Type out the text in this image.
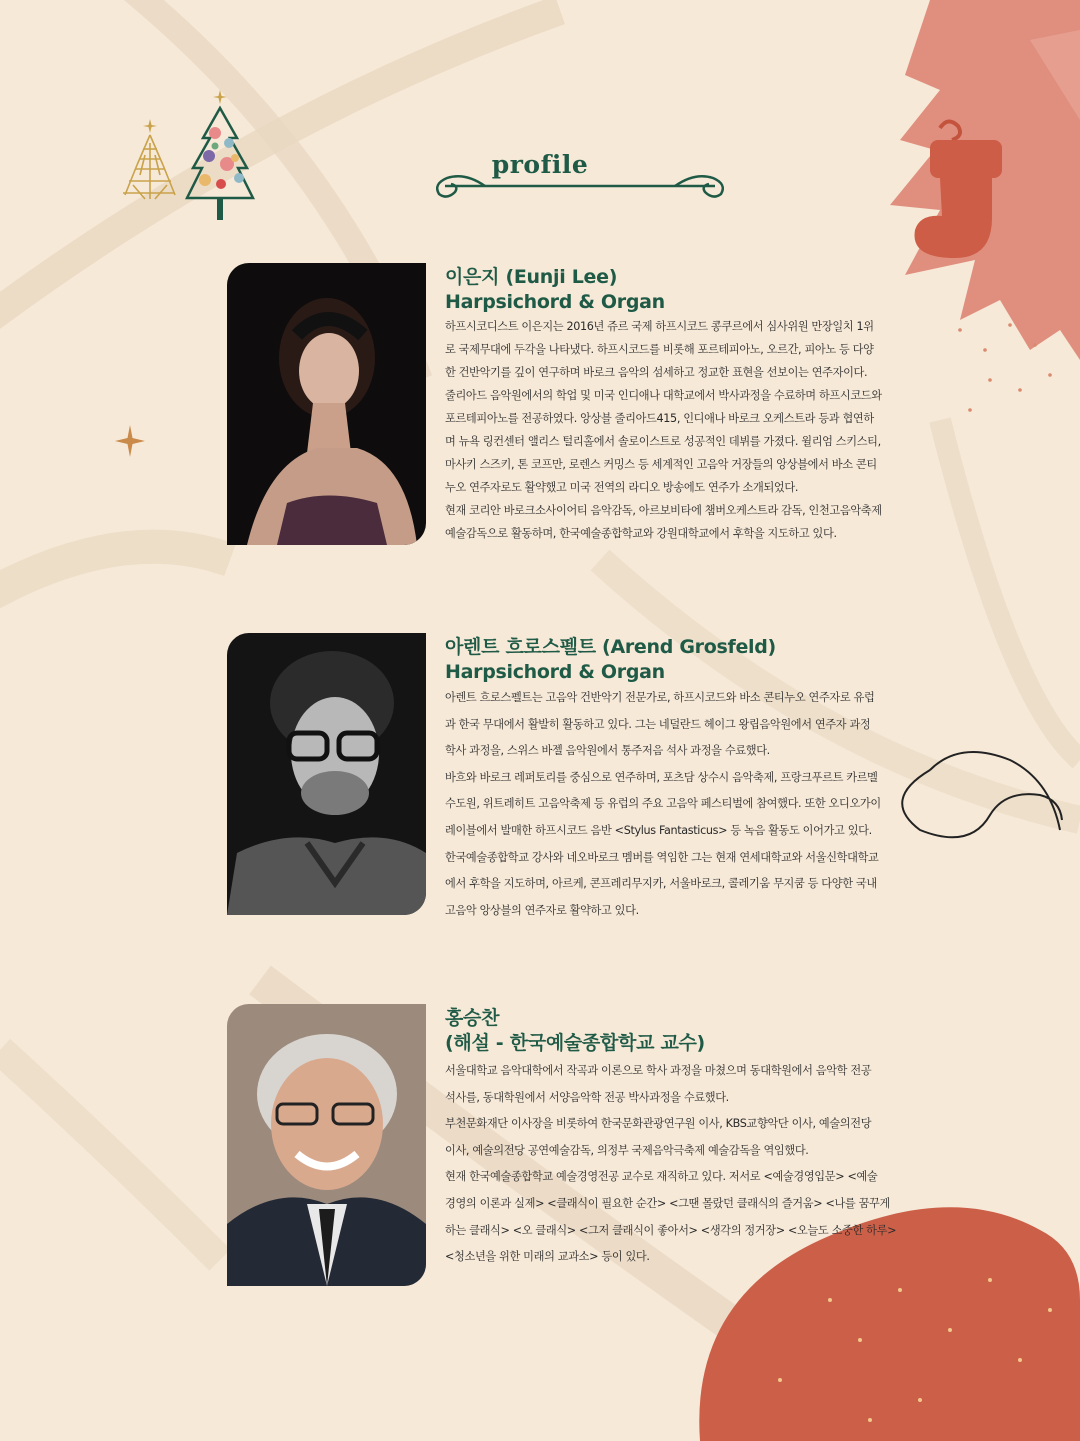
profile
이은지 (Eunji Lee)
Harpsichord & Organ

하프시코디스트 이은지는 2016년 쥬르 국제 하프시코드 콩쿠르에서 심사위원 만장일치 1위

로 국제무대에 두각을 나타냈다. 하프시코드를 비롯해 포르테피아노, 오르간, 피아노 등 다양

한 건반악기를 깊이 연구하며 바로크 음악의 섬세하고 정교한 표현을 선보이는 연주자이다.

줄리아드 음악원에서의 학업 및 미국 인디애나 대학교에서 박사과정을 수료하며 하프시코드와

포르테피아노를 전공하였다. 앙상블 줄리아드415, 인디애나 바로크 오케스트라 등과 협연하

며 뉴욕 링컨센터 앨리스 털리홀에서 솔로이스트로 성공적인 데뷔를 가졌다. 윌리엄 스키스티,

마사키 스즈키, 톤 코프만, 로렌스 커밍스 등 세계적인 고음악 거장들의 앙상블에서 바소 콘티

누오 연주자로도 활약했고 미국 전역의 라디오 방송에도 연주가 소개되었다.

현재 코리안 바로크소사이어티 음악감독, 아르보비타에 챔버오케스트라 감독, 인천고음악축제

예술감독으로 활동하며, 한국예술종합학교와 강원대학교에서 후학을 지도하고 있다.

아렌트 흐로스펠트 (Arend Grosfeld)
Harpsichord & Organ

아렌트 흐로스펠트는 고음악 건반악기 전문가로, 하프시코드와 바소 콘티누오 연주자로 유럽

과 한국 무대에서 활발히 활동하고 있다. 그는 네덜란드 헤이그 왕립음악원에서 연주자 과정

학사 과정을, 스위스 바젤 음악원에서 통주저음 석사 과정을 수료했다.

바흐와 바로크 레퍼토리를 중심으로 연주하며, 포츠담 상수시 음악축제, 프랑크푸르트 카르멜

수도원, 위트레히트 고음악축제 등 유럽의 주요 고음악 페스티벌에 참여했다. 또한 오디오가이

레이블에서 발매한 하프시코드 음반 <Stylus Fantasticus> 등 녹음 활동도 이어가고 있다.

한국예술종합학교 강사와 네오바로크 멤버를 역임한 그는 현재 연세대학교와 서울신학대학교

에서 후학을 지도하며, 아르케, 콘프레리무지카, 서울바로크, 콜레기움 무지쿰 등 다양한 국내

고음악 앙상블의 연주자로 활약하고 있다.

홍승찬
(해설 - 한국예술종합학교 교수)

서울대학교 음악대학에서 작곡과 이론으로 학사 과정을 마쳤으며 동대학원에서 음악학 전공

석사를, 동대학원에서 서양음악학 전공 박사과정을 수료했다.

부천문화재단 이사장을 비롯하여 한국문화관광연구원 이사, KBS교향악단 이사, 예술의전당

이사, 예술의전당 공연예술감독, 의정부 국제음악극축제 예술감독을 역임했다.

현재 한국예술종합학교 예술경영전공 교수로 재직하고 있다. 저서로 <예술경영입문> <예술

경영의 이론과 실제> <클래식이 필요한 순간> <그땐 몰랐던 클래식의 즐거움> <나를 꿈꾸게

하는 클래식> <오 클래식> <그저 클래식이 좋아서> <생각의 정거장> <오늘도 소중한 하루>

<청소년을 위한 미래의 교과소> 등이 있다.
